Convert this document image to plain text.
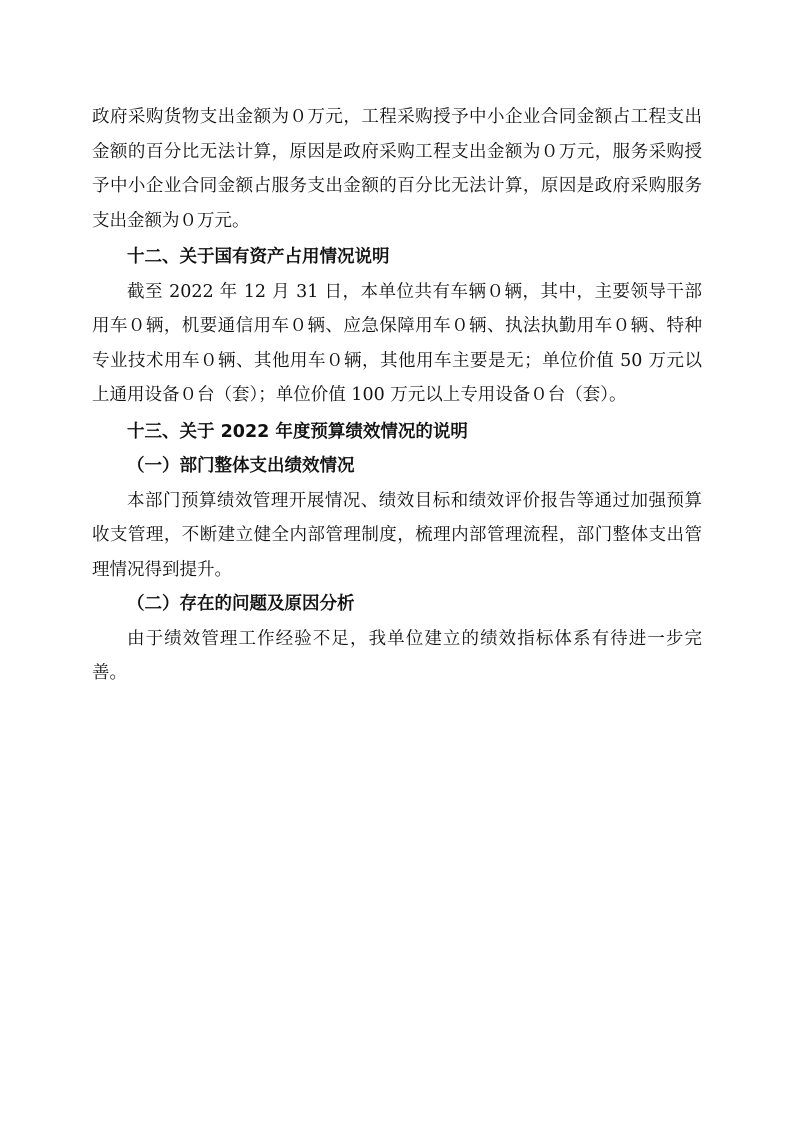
政府采购货物支出金额为０万元，工程采购授予中小企业合同金额占工程支出金额的百分比无法计算，原因是政府采购工程支出金额为０万元，服务采购授予中小企业合同金额占服务支出金额的百分比无法计算，原因是政府采购服务支出金额为０万元。

十二、关于国有资产占用情况说明

截至 2022 年 12 月 31 日，本单位共有车辆０辆，其中，主要领导干部用车０辆，机要通信用车０辆、应急保障用车０辆、执法执勤用车０辆、特种专业技术用车０辆、其他用车０辆，其他用车主要是无；单位价值 50 万元以上通用设备０台（套）；单位价值 100 万元以上专用设备０台（套）。

十三、关于 2022 年度预算绩效情况的说明

（一）部门整体支出绩效情况

本部门预算绩效管理开展情况、绩效目标和绩效评价报告等通过加强预算收支管理，不断建立健全内部管理制度，梳理内部管理流程，部门整体支出管理情况得到提升。

（二）存在的问题及原因分析

由于绩效管理工作经验不足，我单位建立的绩效指标体系有待进一步完善。
